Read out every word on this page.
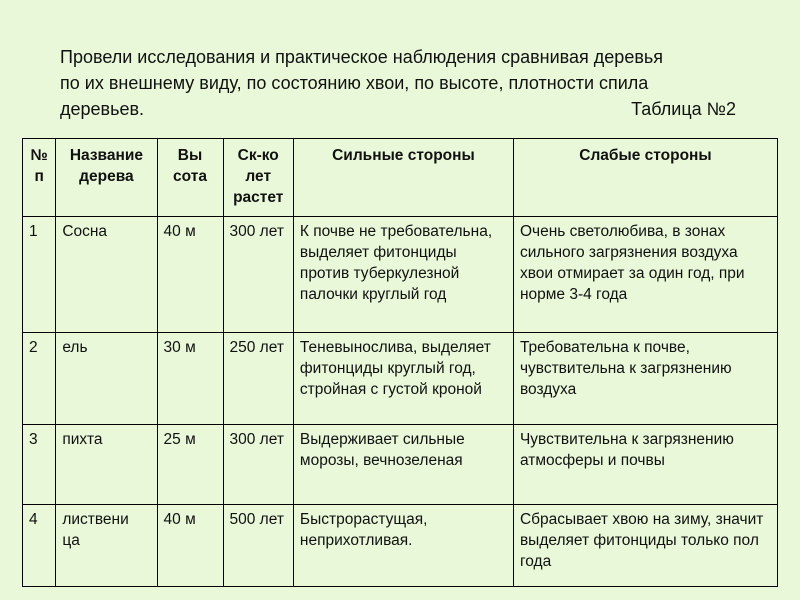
Провели исследования и практическое наблюдения сравнивая деревья
по их внешнему виду, по состоянию хвои, по высоте, плотности спила
деревьев.	Таблица №2
№ п	Название дерева	Вы сота	Ск-ко лет растет	Сильные стороны	Слабые стороны
1	Сосна	40 м	300 лет	К почве не требовательна, выделяет фитонциды против туберкулезной палочки круглый год	Очень светолюбива, в зонах сильного загрязнения воздуха хвои отмирает за один год, при норме 3-4 года
2	ель	30 м	250 лет	Теневынослива, выделяет фитонциды круглый год, стройная с густой кроной	Требовательна к почве, чувствительна к загрязнению воздуха
3	пихта	25 м	300 лет	Выдерживает сильные морозы, вечнозеленая	Чувствительна к загрязнению атмосферы и почвы
4	листвени ца	40 м	500 лет	Быстрорастущая, неприхотливая.	Сбрасывает хвою на зиму, значит выделяет фитонциды только пол года
